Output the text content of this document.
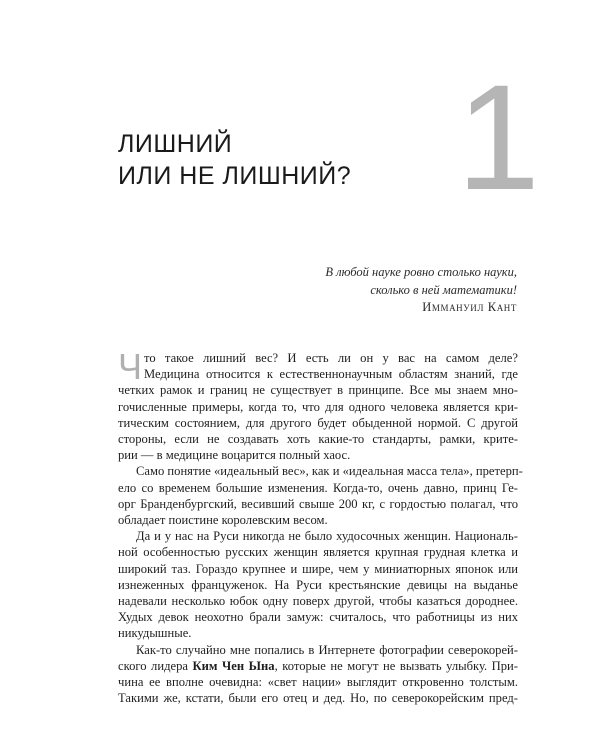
1
ЛИШНИЙ
ИЛИ НЕ ЛИШНИЙ?
В любой науке ровно столько науки,
сколько в ней математики!
Иммануил Кант

Ч то такое лишний вес? И есть ли он у вас на самом деле?

Медицина относится к естественнонаучным областям знаний, где
четких рамок и границ не существует в принципе. Все мы знаем мно-
гочисленные примеры, когда то, что для одного человека является кри-
тическим состоянием, для другого будет обыденной нормой. С другой
стороны, если не создавать хоть какие-то стандарты, рамки, крите-
рии — в медицине воцарится полный хаос.

Само понятие «идеальный вес», как и «идеальная масса тела», претерп-
ело со временем большие изменения. Когда-то, очень давно, принц Ге-
орг Бранденбургский, весивший свыше 200 кг, с гордостью полагал, что
обладает поистине королевским весом.

Да и у нас на Руси никогда не было худосочных женщин. Националь-
ной особенностью русских женщин является крупная грудная клетка и
широкий таз. Гораздо крупнее и шире, чем у миниатюрных японок или
изнеженных француженок. На Руси крестьянские девицы на выданье
надевали несколько юбок одну поверх другой, чтобы казаться дороднее.
Худых девок неохотно брали замуж: считалось, что работницы из них
никудышные.

Как-то случайно мне попались в Интернете фотографии северокорей-
ского лидера Ким Чен Ына, которые не могут не вызвать улыбку. При-
чина ее вполне очевидна: «свет нации» выглядит откровенно толстым.
Такими же, кстати, были его отец и дед. Но, по северокорейским пред-
